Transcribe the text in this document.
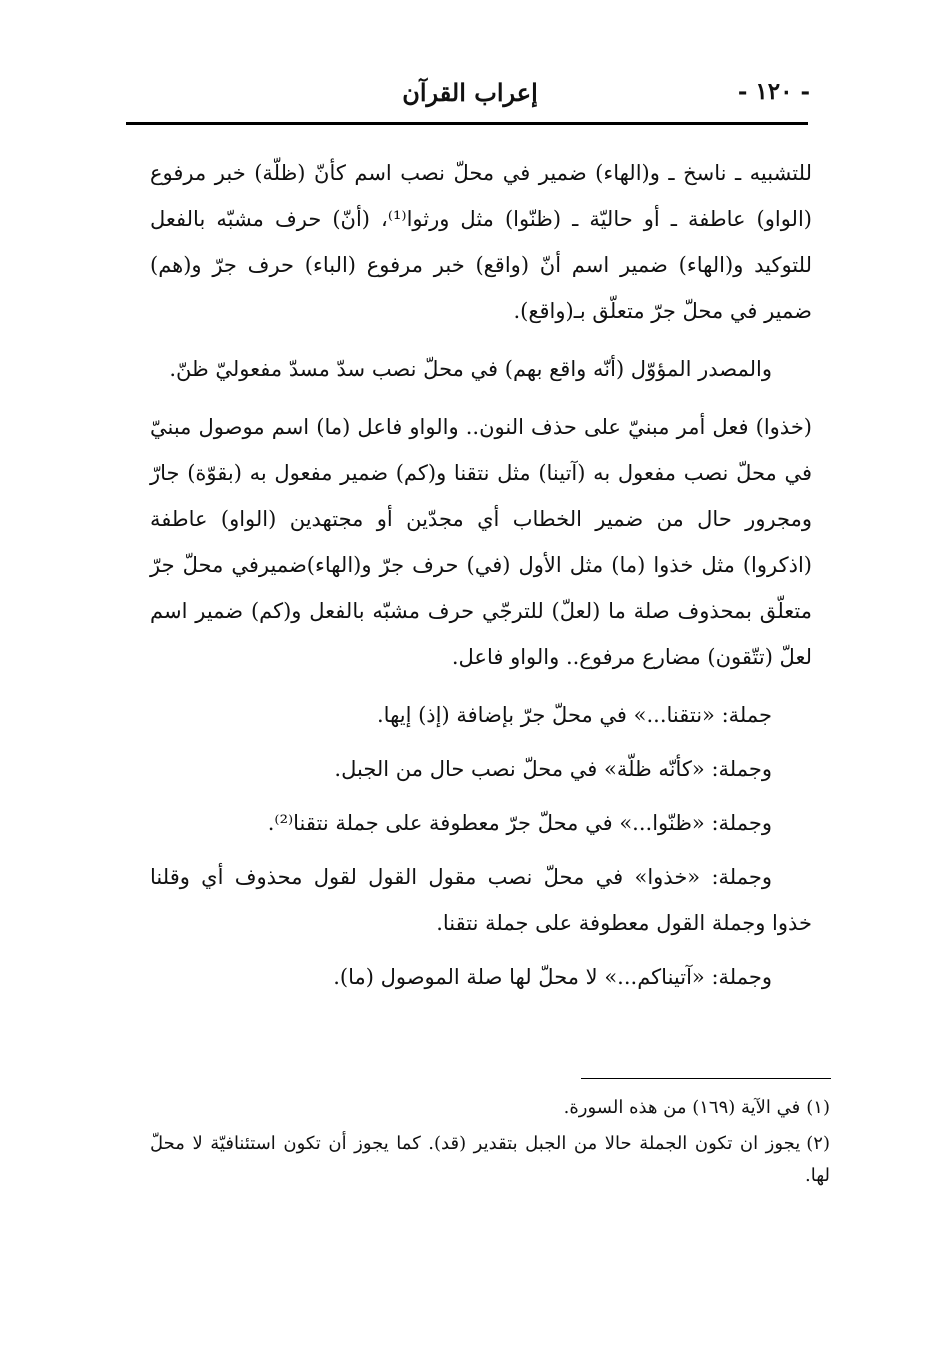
- ١٢٠ -
إعراب القرآن

للتشبيه ـ ناسخ ـ و(الهاء) ضمير في محلّ نصب اسم كأنّ (ظلّة) خبر مرفوع (الواو) عاطفة ـ أو حاليّة ـ (ظنّوا) مثل ورثوا⁽¹⁾، (أنّ) حرف مشبّه بالفعل للتوكيد و(الهاء) ضمير اسم أنّ (واقع) خبر مرفوع (الباء) حرف جرّ و(هم) ضمير في محلّ جرّ متعلّق بـ(واقع).

والمصدر المؤوّل (أنّه واقع بهم) في محلّ نصب سدّ مسدّ مفعوليّ ظنّ.

(خذوا) فعل أمر مبنيّ على حذف النون.. والواو فاعل (ما) اسم موصول مبنيّ في محلّ نصب مفعول به (آتينا) مثل نتقنا و(كم) ضمير مفعول به (بقوّة) جارّ ومجرور حال من ضمير الخطاب أي مجدّين أو مجتهدين (الواو) عاطفة (اذكروا) مثل خذوا (ما) مثل الأول (في) حرف جرّ و(الهاء)ضميرفي محلّ جرّ متعلّق بمحذوف صلة ما (لعلّ) للترجّي حرف مشبّه بالفعل و(كم) ضمير اسم لعلّ (تتّقون) مضارع مرفوع.. والواو فاعل.

جملة: «نتقنا...» في محلّ جرّ بإضافة (إذ) إيها.
وجملة: «كأنّه ظلّة» في محلّ نصب حال من الجبل.
وجملة: «ظنّوا...» في محلّ جرّ معطوفة على جملة نتقنا⁽²⁾.
وجملة: «خذوا» في محلّ نصب مقول القول لقول محذوف أي وقلنا خذوا وجملة القول معطوفة على جملة نتقنا.
وجملة: «آتيناكم...» لا محلّ لها صلة الموصول (ما).

(١)في الآية (١٦٩) من هذه السورة.

(٢)يجوز ان تكون الجملة حالا من الجبل بتقدير (قد). كما يجوز أن تكون استئنافيّة لا محلّ لها.
